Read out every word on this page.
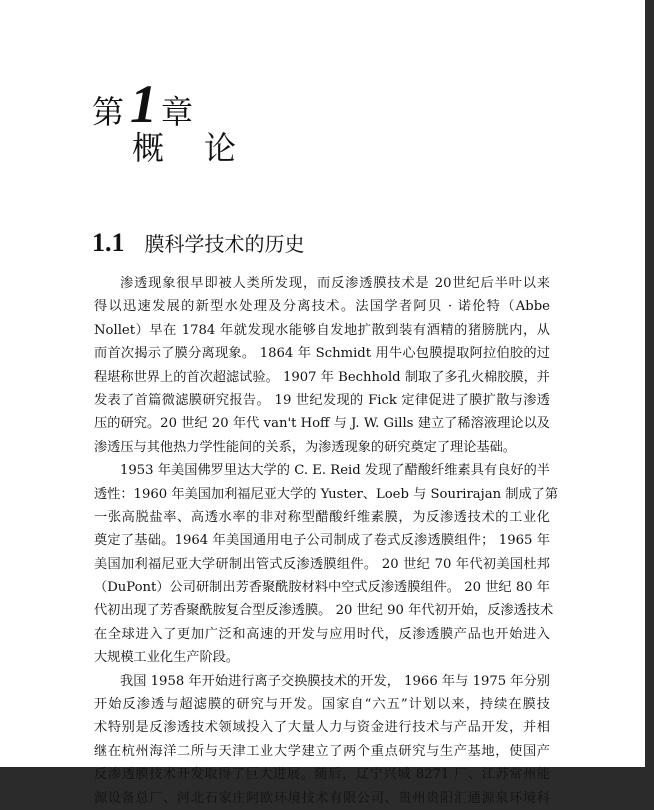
第 1 章
概论
1.1 膜科学技术的历史
渗透现象很早即被人类所发现，而反渗透膜技术是 20世纪后半叶以来
得以迅速发展的新型水处理及分离技术。法国学者阿贝 · 诺伦特（Abbe
Nollet）早在 1784 年就发现水能够自发地扩散到装有酒精的猪膀胱内，从
而首次揭示了膜分离现象。 1864 年 Schmidt 用牛心包膜提取阿拉伯胶的过
程堪称世界上的首次超滤试验。 1907 年 Bechhold 制取了多孔火棉胶膜，并
发表了首篇微滤膜研究报告。 19 世纪发现的 Fick 定律促进了膜扩散与渗透
压的研究。20 世纪 20 年代 van't Hoff 与 J. W. Gills 建立了稀溶液理论以及
渗透压与其他热力学性能间的关系，为渗透现象的研究奠定了理论基础。
1953 年美国佛罗里达大学的 C. E. Reid 发现了醋酸纤维素具有良好的半
透性：1960 年美国加利福尼亚大学的 Yuster、Loeb 与 Sourirajan 制成了第
一张高脱盐率、高透水率的非对称型醋酸纤维素膜，为反渗透技术的工业化
奠定了基础。1964 年美国通用电子公司制成了卷式反渗透膜组件； 1965 年
美国加利福尼亚大学研制出管式反渗透膜组件。 20 世纪 70 年代初美国杜邦
（DuPont）公司研制出芳香聚酰胺材料中空式反渗透膜组件。 20 世纪 80 年
代初出现了芳香聚酰胺复合型反渗透膜。 20 世纪 90 年代初开始，反渗透技术
在全球进入了更加广泛和高速的开发与应用时代，反渗透膜产品也开始进入
大规模工业化生产阶段。
我国 1958 年开始进行离子交换膜技术的开发， 1966 年与 1975 年分别
开始反渗透与超滤膜的研究与开发。国家自“六五”计划以来，持续在膜技
术特别是反渗透技术领域投入了大量人力与资金进行技术与产品开发，并相
继在杭州海洋二所与天津工业大学建立了两个重点研究与生产基地，使国产
反渗透膜技术开发取得了巨大进展。随后，辽宁兴城 8271 厂、江苏常州能
源设备总厂、河北石家庄阿欧环境技术有限公司、贵州贵阳汇通源泉环境科
